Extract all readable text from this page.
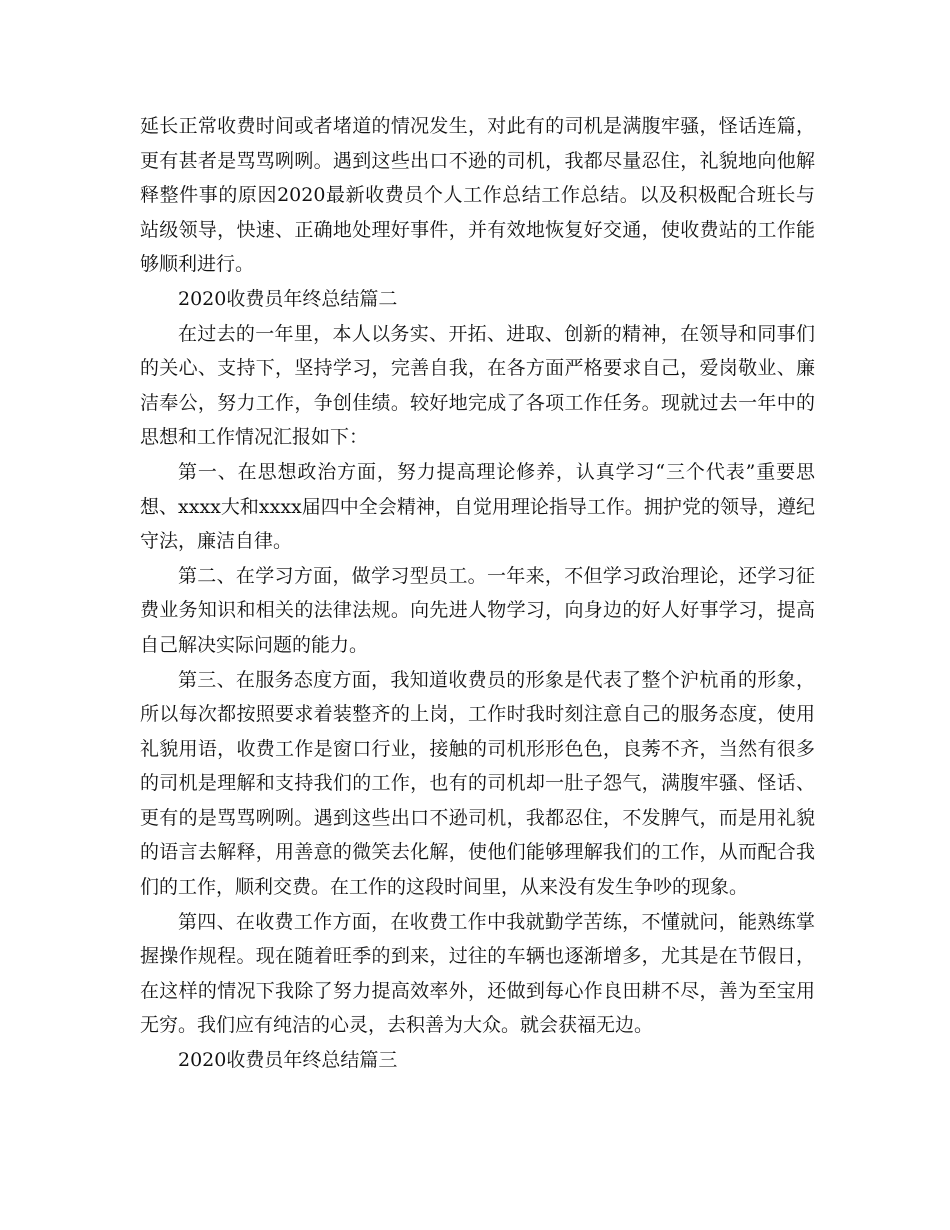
延长正常收费时间或者堵道的情况发生，对此有的司机是满腹牢骚，怪话连篇，更有甚者是骂骂咧咧。遇到这些出口不逊的司机，我都尽量忍住，礼貌地向他解释整件事的原因2020最新收费员个人工作总结工作总结。以及积极配合班长与站级领导，快速、正确地处理好事件，并有效地恢复好交通，使收费站的工作能够顺利进行。

2020收费员年终总结篇二

在过去的一年里，本人以务实、开拓、进取、创新的精神，在领导和同事们的关心、支持下，坚持学习，完善自我，在各方面严格要求自己，爱岗敬业、廉洁奉公，努力工作，争创佳绩。较好地完成了各项工作任务。现就过去一年中的思想和工作情况汇报如下：

第一、在思想政治方面，努力提高理论修养，认真学习“三个代表”重要思想、xxxx大和xxxx届四中全会精神，自觉用理论指导工作。拥护党的领导，遵纪守法，廉洁自律。

第二、在学习方面，做学习型员工。一年来，不但学习政治理论，还学习征费业务知识和相关的法律法规。向先进人物学习，向身边的好人好事学习，提高自己解决实际问题的能力。

第三、在服务态度方面，我知道收费员的形象是代表了整个沪杭甬的形象，所以每次都按照要求着装整齐的上岗，工作时我时刻注意自己的服务态度，使用礼貌用语，收费工作是窗口行业，接触的司机形形色色，良莠不齐，当然有很多的司机是理解和支持我们的工作，也有的司机却一肚子怨气，满腹牢骚、怪话、更有的是骂骂咧咧。遇到这些出口不逊司机，我都忍住，不发脾气，而是用礼貌的语言去解释，用善意的微笑去化解，使他们能够理解我们的工作，从而配合我们的工作，顺利交费。在工作的这段时间里，从来没有发生争吵的现象。

第四、在收费工作方面，在收费工作中我就勤学苦练，不懂就问，能熟练掌握操作规程。现在随着旺季的到来，过往的车辆也逐渐增多，尤其是在节假日，在这样的情况下我除了努力提高效率外，还做到每心作良田耕不尽，善为至宝用无穷。我们应有纯洁的心灵，去积善为大众。就会获福无边。

2020收费员年终总结篇三
